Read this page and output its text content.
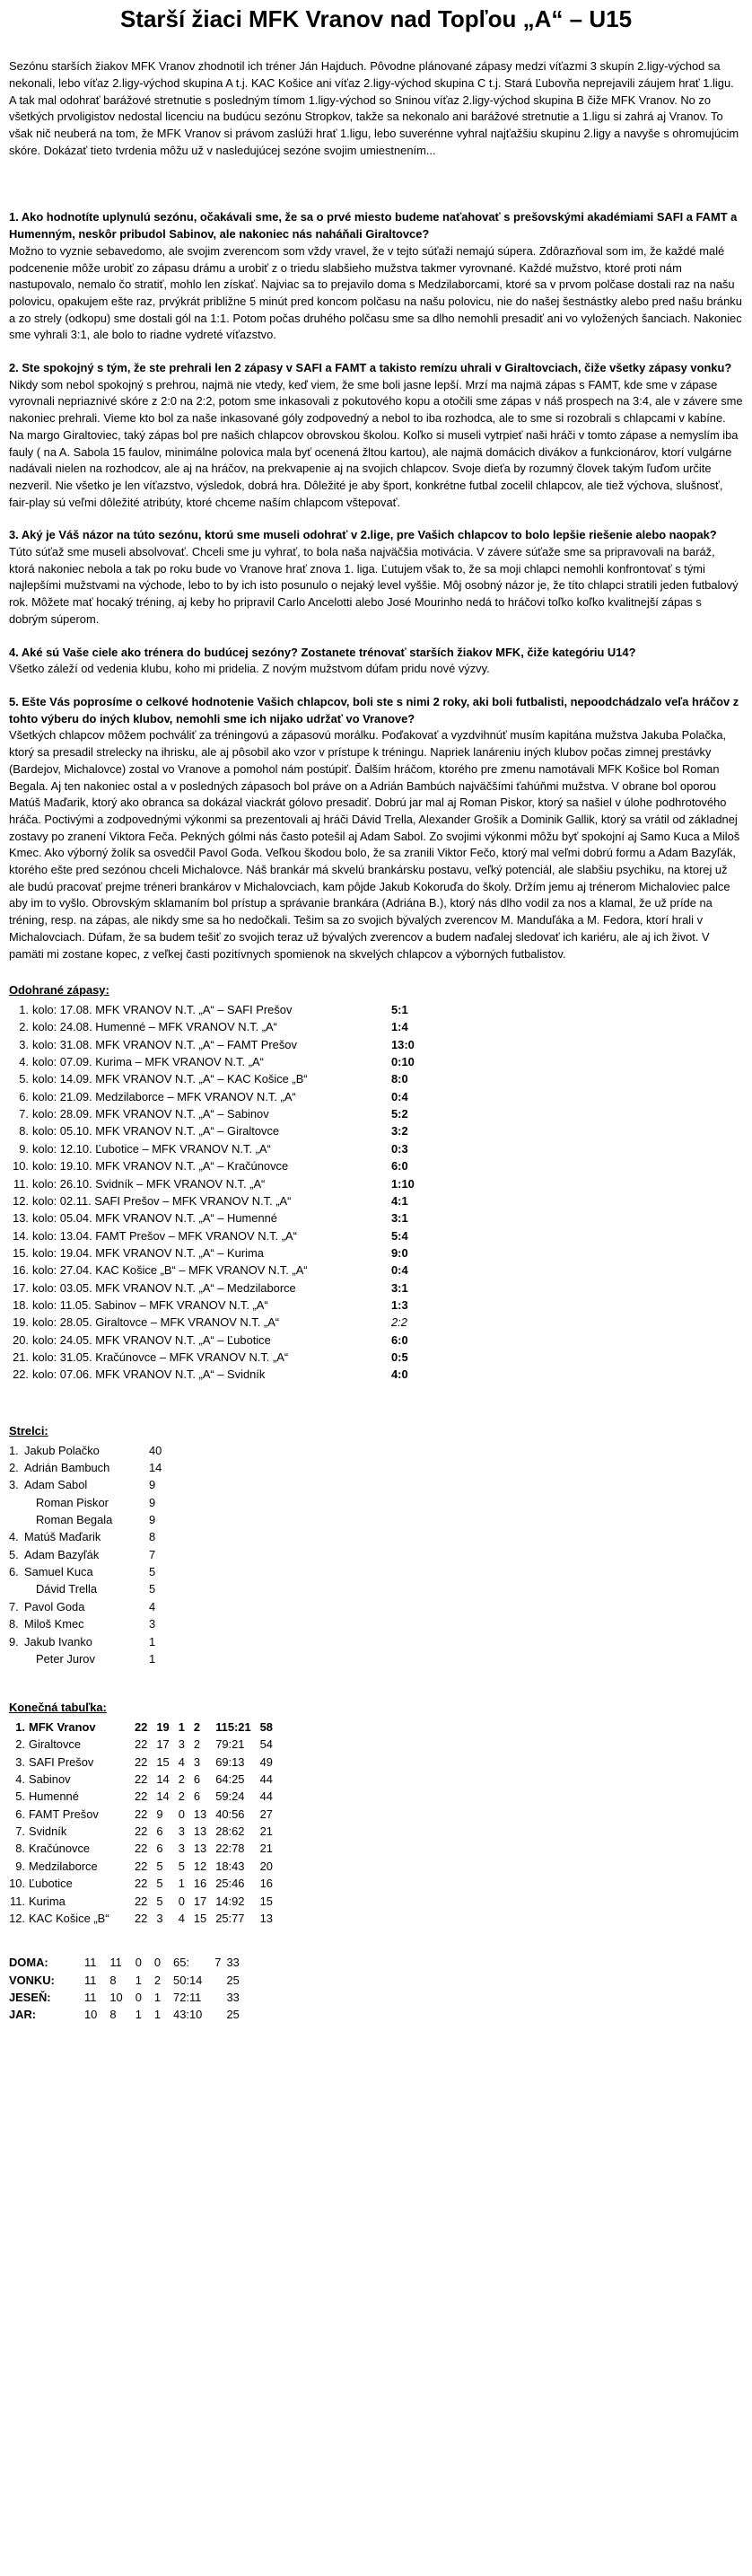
Starší žiaci MFK Vranov nad Topľou „A“ – U15

Sezónu starších žiakov MFK Vranov zhodnotil ich tréner Ján Hajduch. Pôvodne plánované zápasy medzi víťazmi 3 skupín 2.ligy-východ sa nekonali, lebo víťaz 2.ligy-východ skupina A t.j. KAC Košice ani víťaz 2.ligy-východ skupina C t.j. Stará Ľubovňa neprejavili záujem hrať 1.ligu. A tak mal odohrať barážové stretnutie s posledným tímom 1.ligy-východ so Sninou víťaz 2.ligy-východ skupina B čiže MFK Vranov. No zo všetkých prvoligistov nedostal licenciu na budúcu sezónu Stropkov, takže sa nekonalo ani barážové stretnutie a 1.ligu si zahrá aj Vranov. To však nič neuberá na tom, že MFK Vranov si právom zaslúži hrať 1.ligu, lebo suverénne vyhral najťažšiu skupinu 2.ligy a navyše s ohromujúcim skóre. Dokázať tieto tvrdenia môžu už v nasledujúcej sezóne svojim umiestnením...

1. Ako hodnotíte uplynulú sezónu, očakávali sme, že sa o prvé miesto budeme naťahovať s prešovskými akadémiami SAFI a FAMT a Humenným, neskôr pribudol Sabinov, ale nakoniec nás naháňali Giraltovce?

Možno to vyznie sebavedomo, ale svojim zverencom som vždy vravel, že v tejto súťaži nemajú súpera. Zdôrazňoval som im, že každé malé podcenenie môže urobiť zo zápasu drámu a urobiť z o triedu slabšieho mužstva takmer vyrovnané. Každé mužstvo, ktoré proti nám nastupovalo, nemalo čo stratiť, mohlo len získať. Najviac sa to prejavilo doma s Medzilaborcami, ktoré sa v prvom polčase dostali raz na našu polovicu, opakujem ešte raz, prvýkrát približne 5 minút pred koncom polčasu na našu polovicu, nie do našej šestnástky alebo pred našu bránku a zo strely (odkopu) sme dostali gól na 1:1. Potom počas druhého polčasu sme sa dlho nemohli presadiť ani vo vyložených šanciach. Nakoniec sme vyhrali 3:1, ale bolo to riadne vydreté víťazstvo.

2. Ste spokojný s tým, že ste prehrali len 2 zápasy v SAFI a FAMT a takisto remízu uhrali v Giraltovciach, čiže všetky zápasy vonku?

Nikdy som nebol spokojný s prehrou, najmä nie vtedy, keď viem, že sme boli jasne lepší. Mrzí ma najmä zápas s FAMT, kde sme v zápase vyrovnali nepriaznivé skóre z 2:0 na 2:2, potom sme inkasovali z pokutového kopu a otočili sme zápas v náš prospech na 3:4, ale v závere sme nakoniec prehrali. Vieme kto bol za naše inkasované góly zodpovedný a nebol to iba rozhodca, ale to sme si rozobrali s chlapcami v kabíne. Na margo Giraltoviec, taký zápas bol pre našich chlapcov obrovskou školou. Koľko si museli vytrpieť naši hráči v tomto zápase a nemyslím iba fauly ( na A. Sabola 15 faulov, minimálne polovica mala byť ocenená žltou kartou), ale najmä domácich divákov a funkcionárov, ktorí vulgárne nadávali nielen na rozhodcov, ale aj na hráčov, na prekvapenie aj na svojich chlapcov. Svoje dieťa by rozumný človek takým ľuďom určite nezveril. Nie všetko je len víťazstvo, výsledok, dobrá hra. Dôležité je aby šport, konkrétne futbal zocelil chlapcov, ale tiež výchova, slušnosť, fair-play sú veľmi dôležité atribúty, ktoré chceme naším chlapcom vštepovať.

3. Aký je Váš názor na túto sezónu, ktorú sme museli odohrať v 2.lige, pre Vašich chlapcov to bolo lepšie riešenie alebo naopak?

Túto súťaž sme museli absolvovať. Chceli sme ju vyhrať, to bola naša najväčšia motivácia. V závere súťaže sme sa pripravovali na baráž, ktorá nakoniec nebola a tak po roku bude vo Vranove hrať znova 1. liga. Ľutujem však to, že sa moji chlapci nemohli konfrontovať s tými najlepšími mužstvami na východe, lebo to by ich isto posunulo o nejaký level vyššie. Môj osobný názor je, že títo chlapci stratili jeden futbalový rok. Môžete mať hocaký tréning, aj keby ho pripravil Carlo Ancelotti alebo José Mourinho nedá to hráčovi toľko koľko kvalitnejší zápas s dobrým súperom.

4. Aké sú Vaše ciele ako trénera do budúcej sezóny? Zostanete trénovať starších žiakov MFK, čiže kategóriu U14?

Všetko záleží od vedenia klubu, koho mi pridelia. Z novým mužstvom dúfam pridu nové výzvy.

5. Ešte Vás poprosíme o celkové hodnotenie Vašich chlapcov, boli ste s nimi 2 roky, aki boli futbalisti, nepoodchádzalo veľa hráčov z tohto výberu do iných klubov, nemohli sme ich nijako udržať vo Vranove?

Všetkých chlapcov môžem pochváliť za tréningovú a zápasovú morálku. Poďakovať a vyzdvihnúť musím kapitána mužstva Jakuba Polačka, ktorý sa presadil strelecky na ihrisku, ale aj pôsobil ako vzor v prístupe k tréningu. Napriek lanáreniu iných klubov počas zimnej prestávky (Bardejov, Michalovce) zostal vo Vranove a pomohol nám postúpiť. Ďalším hráčom, ktorého pre zmenu namotávali MFK Košice bol Roman Begala. Aj ten nakoniec ostal a v posledných zápasoch bol práve on a Adrián Bambúch najväčšími ťahúňmi mužstva. V obrane bol oporou Matúš Maďarik, ktorý ako obranca sa dokázal viackrát gólovo presadiť. Dobrú jar mal aj Roman Piskor, ktorý sa našiel v úlohe podhrotového hráča. Poctivými a zodpovednými výkonmi sa prezentovali aj hráči Dávid Trella, Alexander Grošík a Dominik Gallik, ktorý sa vrátil od základnej zostavy po zranení Viktora Feča. Pekných gólmi nás často potešil aj Adam Sabol. Zo svojimi výkonmi môžu byť spokojní aj Samo Kuca a Miloš Kmec. Ako výborný žolík sa osvedčil Pavol Goda. Veľkou škodou bolo, že sa zranili Viktor Fečo, ktorý mal veľmi dobrú formu a Adam Bazyľák, ktorého ešte pred sezónou chceli Michalovce. Náš brankár má skvelú brankársku postavu, veľký potenciál, ale slabšiu psychiku, na ktorej už ale budú pracovať prejme tréneri brankárov v Michalovciach, kam pôjde Jakub Kokoruďa do školy. Držím jemu aj trénerom Michaloviec palce aby im to vyšlo. Obrovským sklamaním bol prístup a správanie brankára (Adriána B.), ktorý nás dlho vodil za nos a klamal, že už príde na tréning, resp. na zápas, ale nikdy sme sa ho nedočkali. Tešim sa zo svojich bývalých zverencov M. Manduľáka a M. Fedora, ktorí hrali v Michalovciach. Dúfam, že sa budem tešiť zo svojich teraz už bývalých zverencov a budem naďalej sledovať ich kariéru, ale aj ich život. V pamäti mi zostane kopec, z veľkej časti pozitívnych spomienok na skvelých chlapcov a výborných futbalistov.

Odohrané zápasy:
1.	kolo: 17.08. MFK VRANOV N.T. „A“ – SAFI Prešov	5:1
2.	kolo: 24.08. Humenné – MFK VRANOV N.T. „A“	1:4
3.	kolo: 31.08. MFK VRANOV N.T. „A“ – FAMT Prešov	13:0
4.	kolo: 07.09. Kurima – MFK VRANOV N.T. „A“	0:10
5.	kolo: 14.09. MFK VRANOV N.T. „A“ – KAC Košice „B“	8:0
6.	kolo: 21.09. Medzilaborce – MFK VRANOV N.T. „A“	0:4
7.	kolo: 28.09. MFK VRANOV N.T. „A“ – Sabinov	5:2
8.	kolo: 05.10. MFK VRANOV N.T. „A“ – Giraltovce	3:2
9.	kolo: 12.10. Ľubotice – MFK VRANOV N.T. „A“	0:3
10.	kolo: 19.10. MFK VRANOV N.T. „A“ – Kračúnovce	6:0
11.	kolo: 26.10. Svidník – MFK VRANOV N.T. „A“	1:10
12.	kolo: 02.11. SAFI Prešov – MFK VRANOV N.T. „A“	4:1
13.	kolo: 05.04. MFK VRANOV N.T. „A“ – Humenné	3:1
14.	kolo: 13.04. FAMT Prešov – MFK VRANOV N.T. „A“	5:4
15.	kolo: 19.04. MFK VRANOV N.T. „A“ – Kurima	9:0
16.	kolo: 27.04. KAC Košice „B“ – MFK VRANOV N.T. „A“	0:4
17.	kolo: 03.05. MFK VRANOV N.T. „A“ – Medzilaborce	3:1
18.	kolo: 11.05. Sabinov – MFK VRANOV N.T. „A“	1:3
19.	kolo: 28.05. Giraltovce – MFK VRANOV N.T. „A“	2:2
20.	kolo: 24.05. MFK VRANOV N.T. „A“ – Ľubotice	6:0
21.	kolo: 31.05. Kračúnovce – MFK VRANOV N.T. „A“	0:5
22.	kolo: 07.06. MFK VRANOV N.T. „A“ – Svidník	4:0
Strelci:
1.	Jakub Polačko	40
2.	Adrián Bambuch	14
3.	Adam Sabol	9
	Roman Piskor	9
	Roman Begala	9
4.	Matúš Maďarik	8
5.	Adam Bazyľák	7
6.	Samuel Kuca	5
	Dávid Trella	5
7.	Pavol Goda	4
8.	Miloš Kmec	3
9.	Jakub Ivanko	1
	Peter Jurov	1
Konečná tabuľka:
1.	MFK Vranov	22	19	1	2	115:21	58
2.	Giraltovce	22	17	3	2	79:21	54
3.	SAFI Prešov	22	15	4	3	69:13	49
4.	Sabinov	22	14	2	6	64:25	44
5.	Humenné	22	14	2	6	59:24	44
6.	FAMT Prešov	22	9	0	13	40:56	27
7.	Svidník	22	6	3	13	28:62	21
8.	Kračúnovce	22	6	3	13	22:78	21
9.	Medzilaborce	22	5	5	12	18:43	20
10.	Ľubotice	22	5	1	16	25:46	16
11.	Kurima	22	5	0	17	14:92	15
12.	KAC Košice „B“	22	3	4	15	25:77	13
DOMA:	11	11	0	0	65:	7	33
VONKU:	11	8	1	2	50:14		25
JESEŇ:	11	10	0	1	72:11		33
JAR:	10	8	1	1	43:10		25
